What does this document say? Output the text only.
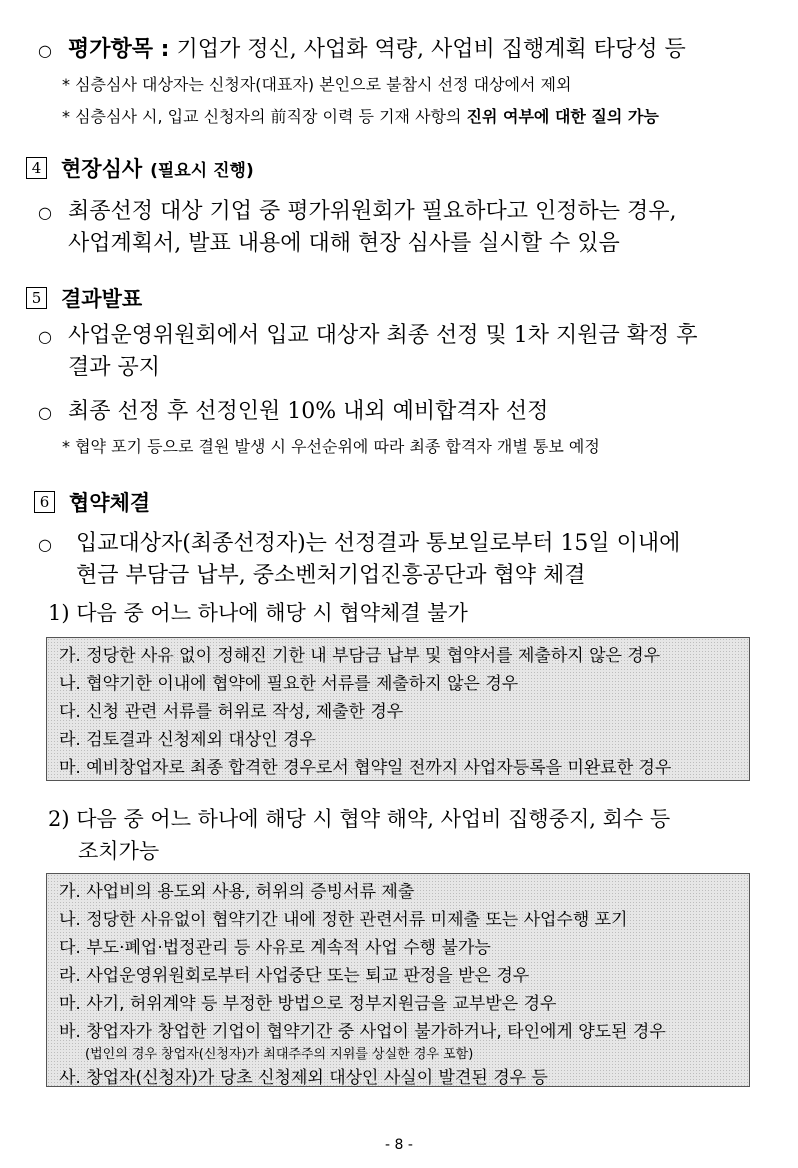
○ 평가항목 : 기업가 정신, 사업화 역량, 사업비 집행계획 타당성 등
* 심층심사 대상자는 신청자(대표자) 본인으로 불참시 선정 대상에서 제외
* 심층심사 시, 입교 신청자의 前직장 이력 등 기재 사항의 진위 여부에 대한 질의 가능
4 현장심사 (필요시 진행)
○ 최종선정 대상 기업 중 평가위원회가 필요하다고 인정하는 경우,
사업계획서, 발표 내용에 대해 현장 심사를 실시할 수 있음
5 결과발표
○ 사업운영위원회에서 입교 대상자 최종 선정 및 1차 지원금 확정 후
결과 공지
○ 최종 선정 후 선정인원 10% 내외 예비합격자 선정
* 협약 포기 등으로 결원 발생 시 우선순위에 따라 최종 합격자 개별 통보 예정
6 협약체결
○ 입교대상자(최종선정자)는 선정결과 통보일로부터 15일 이내에
현금 부담금 납부, 중소벤처기업진흥공단과 협약 체결
1) 다음 중 어느 하나에 해당 시 협약체결 불가
가. 정당한 사유 없이 정해진 기한 내 부담금 납부 및 협약서를 제출하지 않은 경우
나. 협약기한 이내에 협약에 필요한 서류를 제출하지 않은 경우
다. 신청 관련 서류를 허위로 작성, 제출한 경우
라. 검토결과 신청제외 대상인 경우
마. 예비창업자로 최종 합격한 경우로서 협약일 전까지 사업자등록을 미완료한 경우
2) 다음 중 어느 하나에 해당 시 협약 해약, 사업비 집행중지, 회수 등
조치가능
가. 사업비의 용도외 사용, 허위의 증빙서류 제출
나. 정당한 사유없이 협약기간 내에 정한 관련서류 미제출 또는 사업수행 포기
다. 부도·폐업·법정관리 등 사유로 계속적 사업 수행 불가능
라. 사업운영위원회로부터 사업중단 또는 퇴교 판정을 받은 경우
마. 사기, 허위계약 등 부정한 방법으로 정부지원금을 교부받은 경우
바. 창업자가 창업한 기업이 협약기간 중 사업이 불가하거나, 타인에게 양도된 경우
(법인의 경우 창업자(신청자)가 최대주주의 지위를 상실한 경우 포함)
사. 창업자(신청자)가 당초 신청제외 대상인 사실이 발견된 경우 등
- 8 -
